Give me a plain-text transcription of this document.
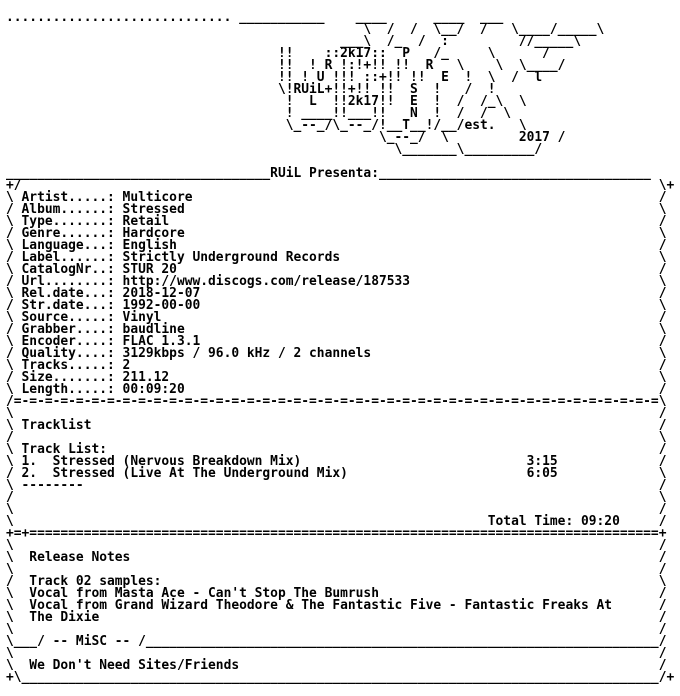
............................. ___________    ____      ____  ___
\  /  /  \__/  /   \____/_____\
___\  /_  /  :         //_____\
!!    ::2k17::  P   /_     \      /
!!  ! R !:!+!! !!  R   \    \  \____/
!! ! U !!! ::+!! !!  E  !  \  /  l
\!RUiL+!!+!! !!  S  !   /  !
!  L  !!2k17!!  E  !  /  /_\  \
! ____!!___!!   N  !  /  /  \
\_--_/\_--_/!__T__!/__/est.   \
\_--_/  \         2017 /
\_______\_________/
__________________________________RUiL Presenta:___________________________________
+/                                                                                  \+
\ Artist.....: Multicore                                                            /
/ Album......: Stressed                                                             \
\ Type.......: Retail                                                               /
/ Genre......: Hardcore                                                             \
\ Language...: English                                                              /
/ Label......: Strictly Underground Records                                         \
\ CatalogNr..: STUR 20                                                              /
/ Url........: http://www.discogs.com/release/187533                                \
\ Rel.date...: 2018-12-07                                                           /
/ Str.date...: 1992-00-00                                                           \
\ Source.....: Vinyl                                                                /
/ Grabber....: baudline                                                             \
\ Encoder....: FLAC 1.3.1                                                           /
/ Quality....: 3129kbps / 96.0 kHz / 2 channels                                     \
\ Tracks.....: 2                                                                    /
/ Size.......: 211.12                                                               \
\ Length.....: 00:09:20                                                             /
/=-=-=-=-=-=-=-=-=-=-=-=-=-=-=-=-=-=-=-=-=-=-=-=-=-=-=-=-=-=-=-=-=-=-=-=-=-=-=-=-=-=\
\                                                                                   /
\ Tracklist                                                                         /
/                                                                                   \
\ Track List:                                                                       /
\ 1.  Stressed (Nervous Breakdown Mix)                             3:15             /
/ 2.  Stressed (Live At The Underground Mix)                       6:05             \
\ --------                                                                          /
/                                                                                   \
\                                                                                   /
\                                                             Total Time: 09:20     /
+=+=================================================================================+
\                                                                                   /
\  Release Notes                                                                    /
\                                                                                   /
/  Track 02 samples:                                                                \
\  Vocal from Masta Ace - Can't Stop The Bumrush                                    /
\  Vocal from Grand Wizard Theodore & The Fantastic Five - Fantastic Freaks At      /
\  The Dixie                                                                        /
\                                                                                   /
\___/ -- MiSC -- /__________________________________________________________________/
\                                                                                   /
\  We Don't Need Sites/Friends                                                      /
+\__________________________________________________________________________________/+
